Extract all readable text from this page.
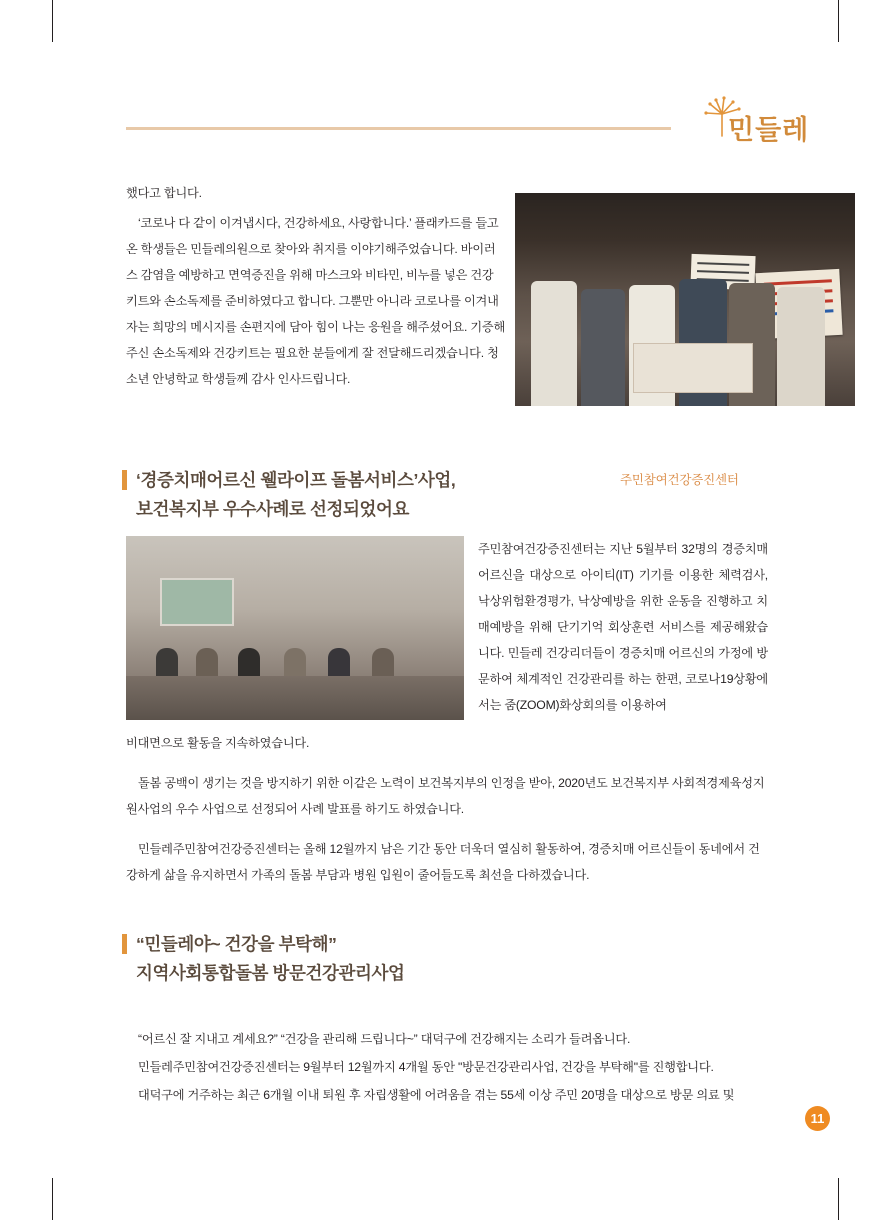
민들레

했다고 합니다.

‘코로나 다 같이 이겨냅시다, 건강하세요, 사랑합니다.’ 플래카드를 들고 온 학생들은 민들레의원으로 찾아와 취지를 이야기해주었습니다. 바이러스 감염을 예방하고 면역증진을 위해 마스크와 비타민, 비누를 넣은 건강 키트와 손소독제를 준비하였다고 합니다. 그뿐만 아니라 코로나를 이겨내자는 희망의 메시지를 손편지에 담아 힘이 나는 응원을 해주셨어요. 기증해주신 손소독제와 건강키트는 필요한 분들에게 잘 전달해드리겠습니다. 청소년 안녕학교 학생들께 감사 인사드립니다.

‘경증치매어르신 웰라이프 돌봄서비스’사업,
보건복지부 우수사례로 선정되었어요
주민참여건강증진센터

주민참여건강증진센터는 지난 5월부터 32명의 경증치매 어르신을 대상으로 아이티(IT) 기기를 이용한 체력검사, 낙상위험환경평가, 낙상예방을 위한 운동을 진행하고 치매예방을 위해 단기기억 회상훈련 서비스를 제공해왔습니다. 민들레 건강리더들이 경증치매 어르신의 가정에 방문하여 체계적인 건강관리를 하는 한편, 코로나19상황에서는 줌(ZOOM)화상회의를 이용하여

비대면으로 활동을 지속하였습니다.

돌봄 공백이 생기는 것을 방지하기 위한 이같은 노력이 보건복지부의 인정을 받아, 2020년도 보건복지부 사회적경제육성지원사업의 우수 사업으로 선정되어 사례 발표를 하기도 하였습니다.

민들레주민참여건강증진센터는 올해 12월까지 남은 기간 동안 더욱더 열심히 활동하여, 경증치매 어르신들이 동네에서 건강하게 삶을 유지하면서 가족의 돌봄 부담과 병원 입원이 줄어들도록 최선을 다하겠습니다.

“민들레야~ 건강을 부탁해”
지역사회통합돌봄 방문건강관리사업

“어르신 잘 지내고 계세요?” “건강을 관리해 드립니다~” 대덕구에 건강해지는 소리가 들려옵니다.

민들레주민참여건강증진센터는 9월부터 12월까지 4개월 동안 "방문건강관리사업, 건강을 부탁해"를 진행합니다.

대덕구에 거주하는 최근 6개월 이내 퇴원 후 자립생활에 어려움을 겪는 55세 이상 주민 20명을 대상으로 방문 의료 및

11
